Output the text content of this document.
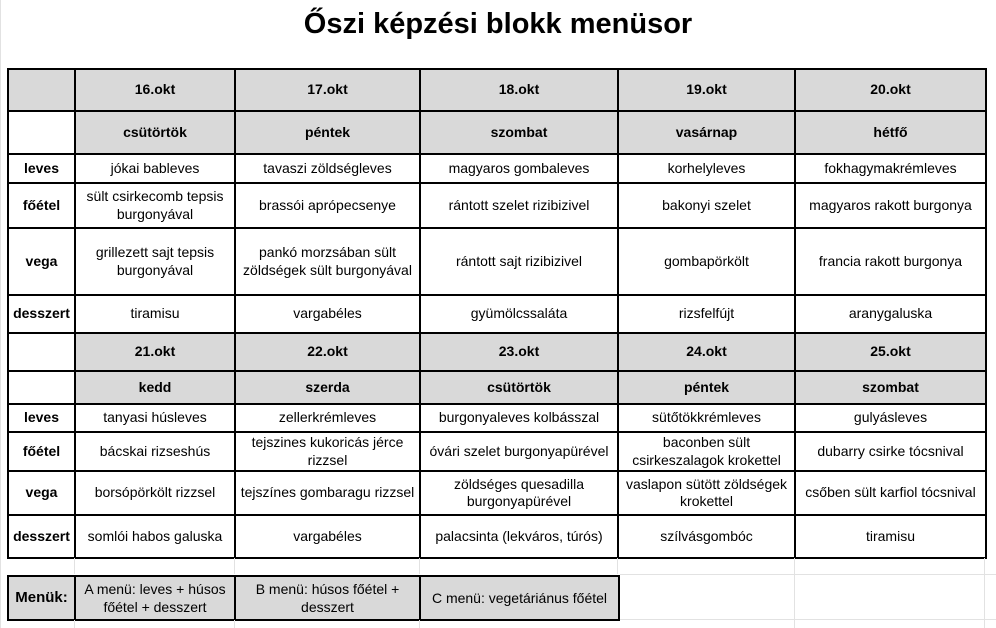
Őszi képzési blokk menüsor
	16.okt	17.okt	18.okt	19.okt	20.okt
	csütörtök	péntek	szombat	vasárnap	hétfő
leves	jókai bableves	tavaszi zöldségleves	magyaros gombaleves	korhelyleves	fokhagymakrémleves
főétel	sült csirkecomb tepsis burgonyával	brassói aprópecsenye	rántott szelet rizibizivel	bakonyi szelet	magyaros rakott burgonya
vega	grillezett sajt tepsis burgonyával	pankó morzsában sült zöldségek sült burgonyával	rántott sajt rizibizivel	gombapörkölt	francia rakott burgonya
desszert	tiramisu	vargabéles	gyümölcssaláta	rizsfelfújt	aranygaluska
	21.okt	22.okt	23.okt	24.okt	25.okt
	kedd	szerda	csütörtök	péntek	szombat
leves	tanyasi húsleves	zellerkrémleves	burgonyaleves kolbásszal	sütőtökkrémleves	gulyásleves
főétel	bácskai rizseshús	tejszines kukoricás jérce rizzsel	óvári szelet burgonyapürével	baconben sült csirkeszalagok krokettel	dubarry csirke tócsnival
vega	borsópörkölt rizzsel	tejszínes gombaragu rizzsel	zöldséges quesadilla burgonyapürével	vaslapon sütött zöldségek krokettel	csőben sült karfiol tócsnival
desszert	somlói habos galuska	vargabéles	palacsinta (lekváros, túrós)	szílvásgombóc	tiramisu
Menük:	A menü: leves + húsos főétel + desszert	B menü: húsos főétel + desszert	C menü: vegetáriánus főétel
